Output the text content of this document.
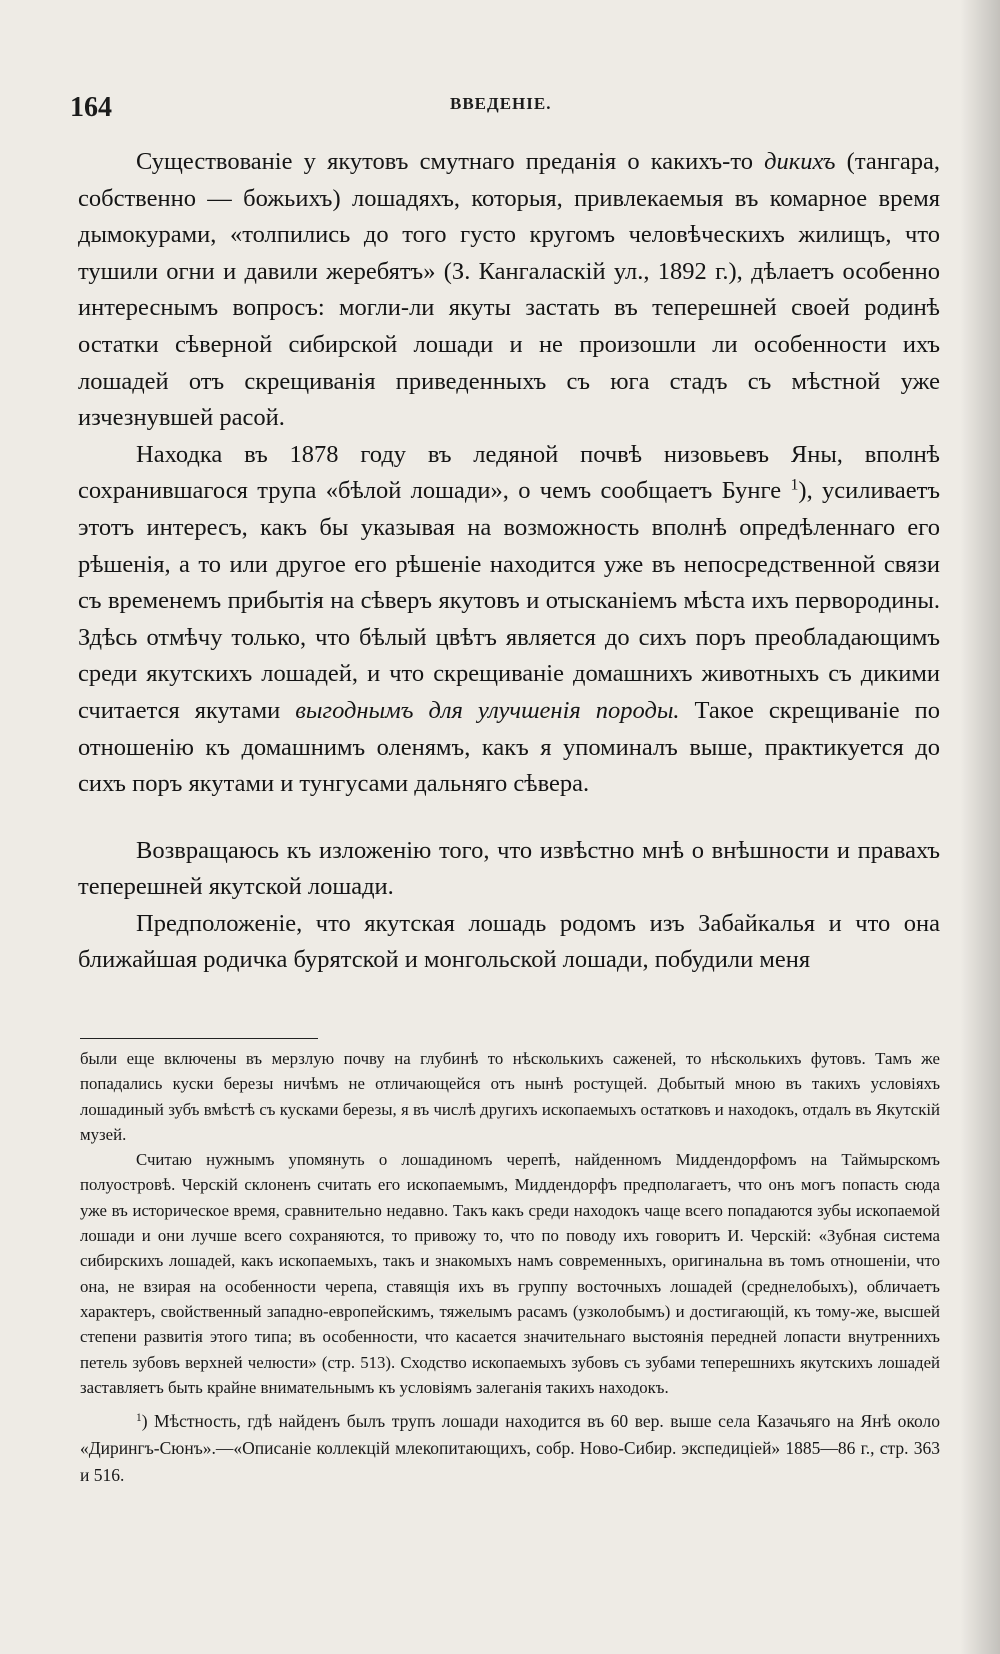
164	ВВЕДЕНІЕ.

Существованіе у якутовъ смутнаго преданія о какихъ-то дикихъ (тангара, собственно — божьихъ) лошадяхъ, которыя, привлекаемыя въ комарное время дымокурами, «толпились до того густо кругомъ человѣческихъ жилищъ, что тушили огни и давили жеребятъ» (З. Кангаласкій ул., 1892 г.), дѣлаетъ особенно интереснымъ вопросъ: могли-ли якуты застать въ теперешней своей родинѣ остатки сѣверной сибирской лошади и не произошли ли особенности ихъ лошадей отъ скрещиванія приведенныхъ съ юга стадъ съ мѣстной уже изчезнувшей расой.

Находка въ 1878 году въ ледяной почвѣ низовьевъ Яны, вполнѣ сохранившагося трупа «бѣлой лошади», о чемъ сообщаетъ Бунге $^1$), усиливаетъ этотъ интересъ, какъ бы указывая на возможность вполнѣ опредѣленнаго его рѣшенія, а то или другое его рѣшеніе находится уже въ непосредственной связи съ временемъ прибытія на сѣверъ якутовъ и отысканіемъ мѣста ихъ первородины. Здѣсь отмѣчу только, что бѣлый цвѣтъ является до сихъ поръ преобладающимъ среди якутскихъ лошадей, и что скрещиваніе домашнихъ животныхъ съ дикими считается якутами выгоднымъ для улучшенія породы. Такое скрещиваніе по отношенію къ домашнимъ оленямъ, какъ я упоминалъ выше, практикуется до сихъ поръ якутами и тунгусами дальняго сѣвера.

Возвращаюсь къ изложенію того, что извѣстно мнѣ о внѣшности и правахъ теперешней якутской лошади.

Предположеніе, что якутская лошадь родомъ изъ Забайкалья и что она ближайшая родичка бурятской и монгольской лошади, побудили меня

были еще включены въ мерзлую почву на глубинѣ то нѣсколькихъ саженей, то нѣсколькихъ футовъ. Тамъ же попадались куски березы ничѣмъ не отличающейся отъ нынѣ ростущей. Добытый мною въ такихъ условіяхъ лошадиный зубъ вмѣстѣ съ кусками березы, я въ числѣ другихъ ископаемыхъ остатковъ и находокъ, отдалъ въ Якутскій музей.

Считаю нужнымъ упомянуть о лошадиномъ черепѣ, найденномъ Миддендорфомъ на Таймырскомъ полуостровѣ. Черскій склоненъ считать его ископаемымъ, Миддендорфъ предполагаетъ, что онъ могъ попасть сюда уже въ историческое время, сравнительно недавно. Такъ какъ среди находокъ чаще всего попадаются зубы ископаемой лошади и они лучше всего сохраняются, то привожу то, что по поводу ихъ говоритъ И. Черскій: «Зубная система сибирскихъ лошадей, какъ ископаемыхъ, такъ и знакомыхъ намъ современныхъ, оригинальна въ томъ отношеніи, что она, не взирая на особенности черепа, ставящія ихъ въ группу восточныхъ лошадей (среднелобыхъ), обличаетъ характеръ, свойственный западно-европейскимъ, тяжелымъ расамъ (узколобымъ) и достигающій, къ тому-же, высшей степени развитія этого типа; въ особенности, что касается значительнаго выстоянія передней лопасти внутреннихъ петель зубовъ верхней челюсти» (стр. 513). Сходство ископаемыхъ зубовъ съ зубами теперешнихъ якутскихъ лошадей заставляетъ быть крайне внимательнымъ къ условіямъ залеганія такихъ находокъ.

$^1$) Мѣстность, гдѣ найденъ былъ трупъ лошади находится въ 60 вер. выше села Казачьяго на Янѣ около «Дирингъ-Сюнъ».—«Описаніе коллекцій млекопитающихъ, собр. Ново-Сибир. экспедиціей» 1885—86 г., стр. 363 и 516.
